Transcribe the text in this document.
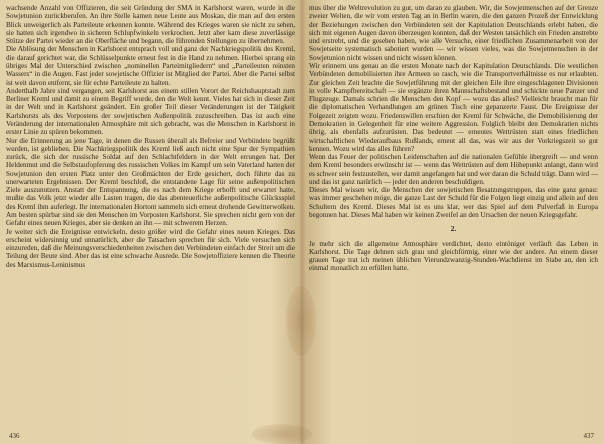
wachsende Anzahl von Offizieren, die seit Gründung der SMA in Karlshorst waren, wurde in die Sowjetunion zurückberufen. An ihre Stelle kamen neue Leute aus Moskau, die man auf den ersten Blick unweigerlich als Parteileute erkennen konnte. Während des Krieges waren sie nicht zu sehen, sie hatten sich irgendwo in sicheren Schlupfwinkeln verkrochen. Jetzt aber kam diese zuverlässige Stütze der Partei wieder an die Oberfläche und begann, die führenden Stellungen zu übernehmen.

Die Ablösung der Menschen in Karlshorst entsprach voll und ganz der Nachkriegspolitik des Kreml, die darauf gerichtet war, die Schlüsselpunkte erneut fest in die Hand zu nehmen. Hierbei sprang ein übriges Mal der Unterschied zwischen „nominellen Parteimitgliedern“ und „Parteileuten reinsten Wassers“ in die Augen. Fast jeder sowjetische Offizier ist Mitglied der Partei. Aber die Partei selbst ist weit davon entfernt, sie für echte Parteileute zu halten.

Anderthalb Jahre sind vergangen, seit Karlshorst aus einem stillen Vorort der Reichshauptstadt zum Berliner Kreml und damit zu einem Begriff wurde, den die Welt kennt. Vieles hat sich in dieser Zeit in der Welt und in Karlshorst geändert. Ein großer Teil dieser Veränderungen ist der Tätigkeit Karlshorsts als des Vorpostens der sowjetischen Außenpolitik zuzuschreiben. Das ist auch eine Veränderung der internationalen Atmosphäre mit sich gebracht, was die Menschen in Karlshorst in erster Linie zu spüren bekommen.

Nur die Erinnerung an jene Tage, in denen die Russen überall als Befreier und Verbündete begrüßt wurden, ist geblieben. Die Nachkriegspolitik des Kreml ließ auch nicht eine Spur der Sympathien zurück, die sich der russische Soldat auf den Schlachtfeldern in der Welt errungen hat. Der Heldenmut und die Selbstaufopferung des russischen Volkes im Kampf um sein Vaterland hatten der Sowjetunion den ersten Platz unter den Großmächten der Erde gesichert, doch führte das zu unerwarteten Ergebnissen. Der Kreml beschloß, die entstandene Lage für seine außenpolitischen Ziele auszunutzen. Anstatt der Entspannung, die es nach dem Kriege erhofft und erwartet hatte, mußte das Volk jetzt wieder alle Lasten tragen, die das abenteuerliche außenpolitische Glücksspiel des Kreml ihm auferlegt. Ihr internationalen Hortont sammeln sich erneut drohende Gewitterwolken. Am besten spürbar sind sie den Menschen im Vorposten Karlshorst. Sie sprechen nicht gern von der Gefahr eines neuen Krieges, aber sie denken an ihn — mit schwerem Herzen.

Je weiter sich die Ereignisse entwickeln, desto größer wird die Gefahr eines neuen Krieges. Das erscheint widersinnig und unnatürlich, aber die Tatsachen sprechen für sich. Viele versuchen sich einzureden, daß die Meinungsverschiedenheiten zwischen den Verbündeten einfach der Streit um die Teilung der Beute sind. Aber das ist eine schwache Ausrede. Die Sowjetoffiziere kennen die Theorie des Marxismus-Leninismus

436

mus über die Weltrevolution zu gut, um daran zu glauben. Wir, die Sowjetmenschen auf der Grenze zweier Welten, die wir vom ersten Tag an in Berlin waren, die den ganzen Prozeß der Entwicklung der Beziehungen zwischen den Verbündeten seit der Kapitulation Deutschlands erlebt haben, die sich mit eigenen Augen davon überzeugen konnten, daß der Westen tatsächlich ein Frieden anstrebte und erstrebt, und die gesehen haben, wie alle Versuche, einer friedlichen Zusammenarbeit von der Sowjetseite systematisch sabotiert wurden — wir wissen vieles, was die Sowjetmenschen in der Sowjetunion nicht wissen und nicht wissen können.

Wir erinnern uns genau an die ersten Monate nach der Kapitulation Deutschlands. Die westlichen Verbündeten demobilisierten ihre Armeen so rasch, wie die Transportverhältnisse es nur erlaubten. Zur gleichen Zeit brachte die Sowjetführung mit der gleichen Eile ihre eingeschlagenen Divisionen in volle Kampfbereitschaft — sie ergänzte ihren Mannschaftsbestand und schickte neue Panzer und Flugzeuge. Damals schrien die Menschen den Kopf — wozu das alles? Vielleicht braucht man für die diplomatischen Verhandlungen am grünen Tisch eine gepanzerte Faust. Die Ereignisse der Folgezeit zeigten wozu. Friedenswillen erschien der Kreml für Schwäche, die Demobilisierung der Demokratien in Gelegenheit für eine weitere Aggression. Folglich bleibt den Demokratien nichts übrig, als ebenfalls aufzurüsten. Das bedeutet — erneutes Wettrüsten statt eines friedlichen wirtschaftlichen Wiederaufbaus Rußlands, erneut all das, was wir aus der Vorkriegszeit so gut kennen. Wozu wird das alles führen?

Wenn das Feuer der politischen Leidenschaften auf die nationalen Gefühle übergreift — und wenn dem Kreml besonders erwünscht ist — wenn das Wettrüsten auf dem Höhepunkt anlangt, dann wird es schwer sein festzustellen, wer damit angefangen hat und wer daran die Schuld trägt. Dann wird — und das ist ganz natürlich — jeder den anderen beschuldigen.

Dieses Mal wissen wir, die Menschen der sowjetischen Besatzungstruppen, das eine ganz genau: was immer geschehen möge, die ganze Last der Schuld für die Folgen liegt einzig und allein auf den Schultern des Kreml. Dieses Mal ist es uns klar, wer das Spiel auf dem Pulverfaß in Europa begonnen hat. Dieses Mal haben wir keinen Zweifel an den Ursachen der neuen Kriegsgefahr.

2.

Je mehr sich die allgemeine Atmosphäre verdichtet, desto eintöniger verläuft das Leben in Karlshorst. Die Tage dehnen sich grau und gleichförmig, einer wie der andere. An einem dieser grauen Tage trat ich meinen üblichen Vierundzwanzig-Stunden-Wachdienst im Stabe an, den ich einmal monatlich zu erfüllen hatte.

437
